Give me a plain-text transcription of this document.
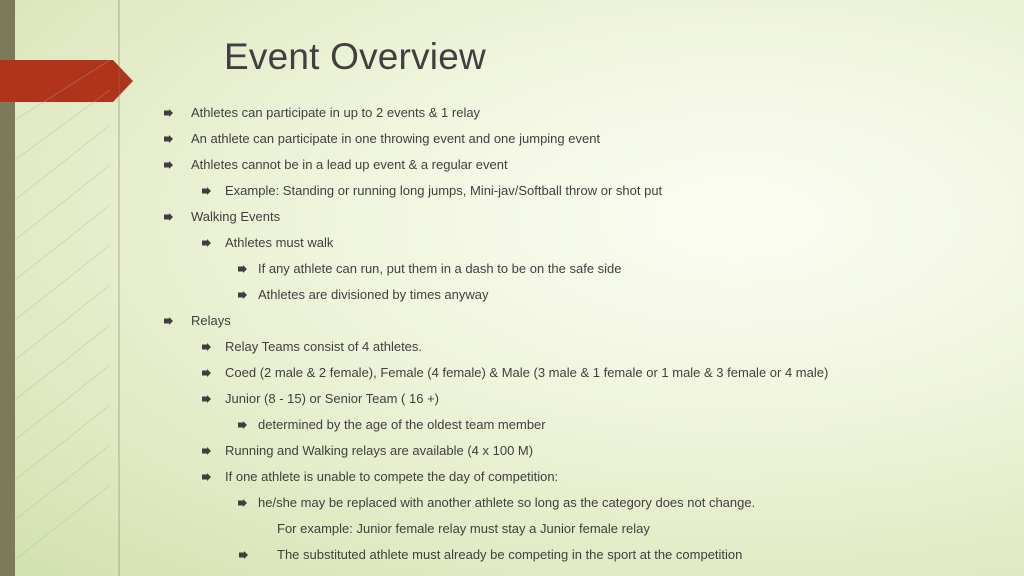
Event Overview
Athletes can participate in up to 2 events & 1 relay
An athlete can participate in one throwing event and one jumping event
Athletes cannot be in a lead up event & a regular event
Example: Standing or running long jumps, Mini-jav/Softball throw or shot put
Walking Events
Athletes must walk
If any athlete can run, put them in a dash to be on the safe side
Athletes are divisioned by times anyway
Relays
Relay Teams consist of 4 athletes.
Coed (2 male & 2 female), Female (4 female) & Male (3 male & 1 female or 1 male & 3 female or 4 male)
Junior (8 - 15) or Senior Team ( 16 +)
determined by the age of the oldest team member
Running and Walking relays are available (4 x 100 M)
If one athlete is unable to compete the day of competition:
he/she may be replaced with another athlete so long as the category does not change.
For example: Junior female relay must stay a Junior female relay
The substituted athlete must already be competing in the sport at the competition
